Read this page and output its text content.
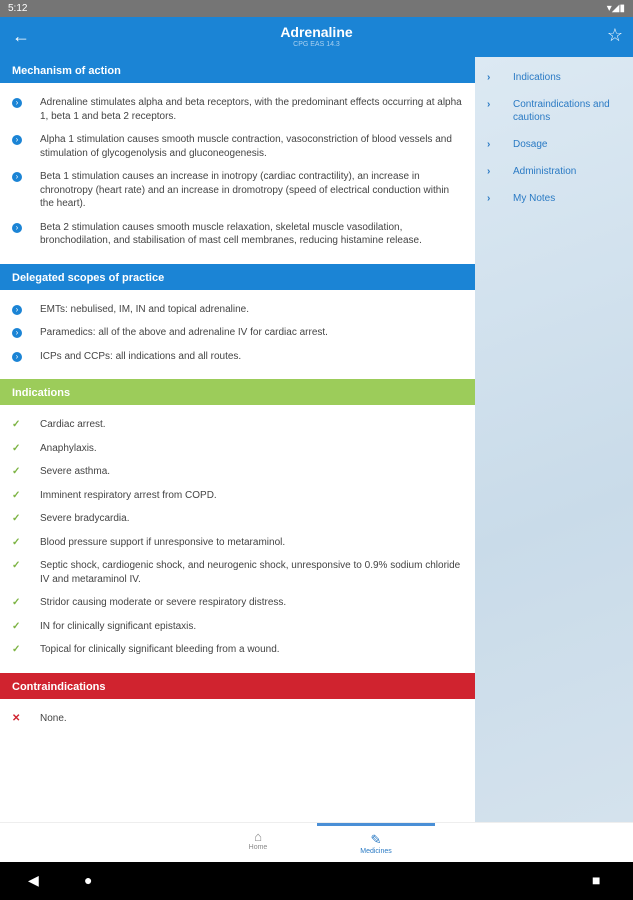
5:12	▾◢▮
←	Adrenaline
CPG EAS 14.3	☆
Mechanism of action
›	Adrenaline stimulates alpha and beta receptors, with the predominant effects occurring at alpha 1, beta 1 and beta 2 receptors.
›	Alpha 1 stimulation causes smooth muscle contraction, vasoconstriction of blood vessels and stimulation of glycogenolysis and gluconeogenesis.
›	Beta 1 stimulation causes an increase in inotropy (cardiac contractility), an increase in chronotropy (heart rate) and an increase in dromotropy (speed of electrical conduction within the heart).
›	Beta 2 stimulation causes smooth muscle relaxation, skeletal muscle vasodilation, bronchodilation, and stabilisation of mast cell membranes, reducing histamine release.
Delegated scopes of practice
›	EMTs: nebulised, IM, IN and topical adrenaline.
›	Paramedics: all of the above and adrenaline IV for cardiac arrest.
›	ICPs and CCPs: all indications and all routes.
Indications
✓	Cardiac arrest.
✓	Anaphylaxis.
✓	Severe asthma.
✓	Imminent respiratory arrest from COPD.
✓	Severe bradycardia.
✓	Blood pressure support if unresponsive to metaraminol.
✓	Septic shock, cardiogenic shock, and neurogenic shock, unresponsive to 0.9% sodium chloride IV and metaraminol IV.
✓	Stridor causing moderate or severe respiratory distress.
✓	IN for clinically significant epistaxis.
✓	Topical for clinically significant bleeding from a wound.
Contraindications
✕	None.
›	Indications
›	Contraindications and cautions
›	Dosage
›	Administration
›	My Notes
⌂
Home
✎
Medicines
◀	●	■
